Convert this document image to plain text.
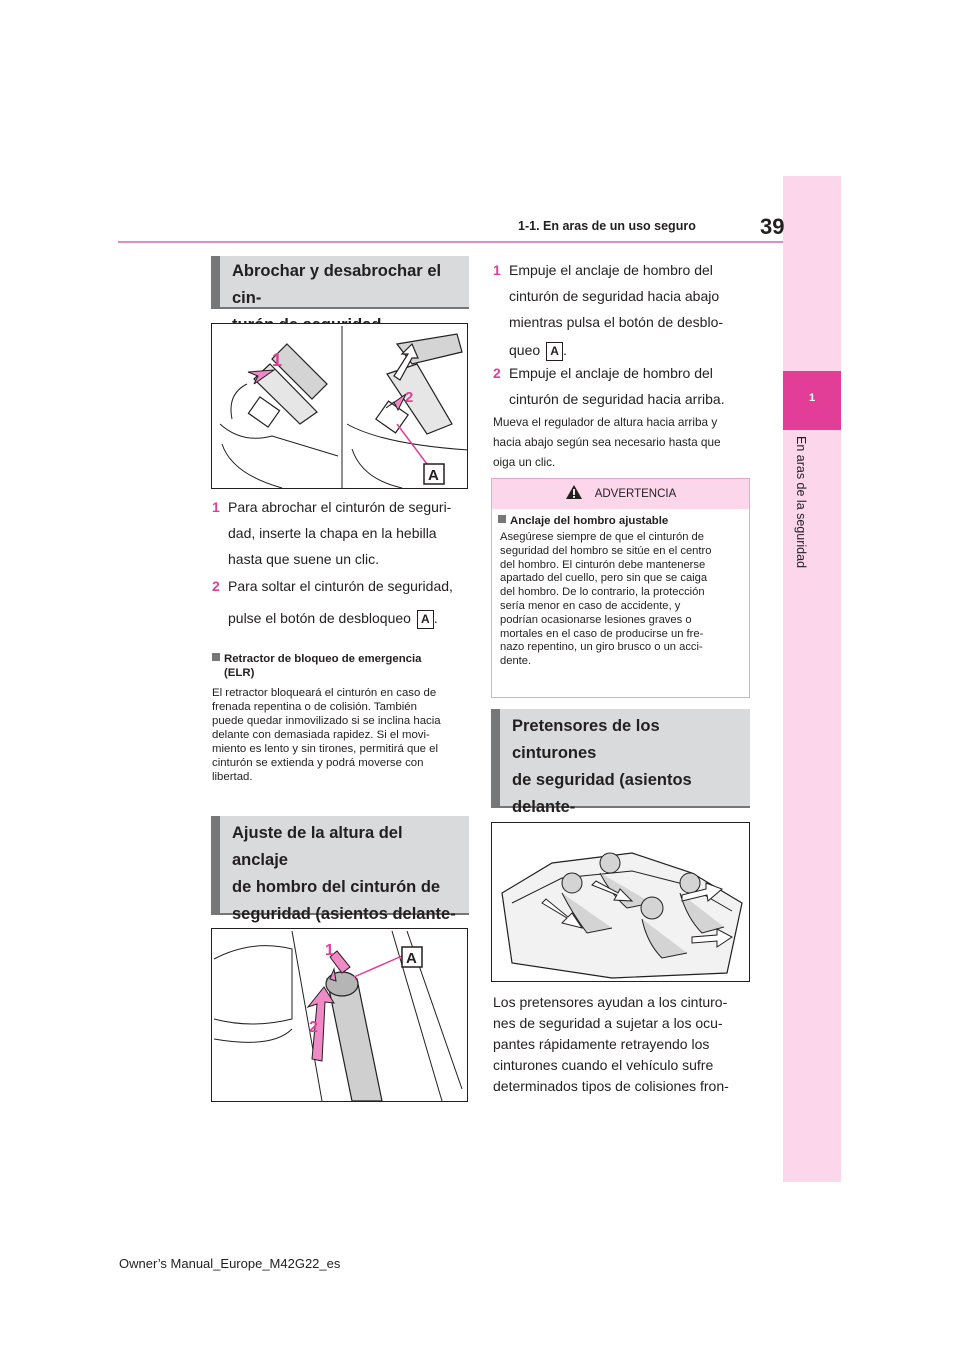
1
En aras de la seguridad
1-1. En aras de un uso seguro	39
Abrochar y desabrochar el cin-
1
2
A
1 Para abrochar el cinturón de seguri-
dad, inserte la chapa en la hebilla
hasta que suene un clic.
2 Para soltar el cinturón de seguridad,
pulse el botón de desbloqueo A .
Retractor de bloqueo de emergencia
(ELR)
El retractor bloqueará el cinturón en caso de
frenada repentina o de colisión. También
puede quedar inmovilizado si se inclina hacia
delante con demasiada rapidez. Si el movi-
miento es lento y sin tirones, permitirá que el
cinturón se extienda y podrá moverse con
libertad.
Ajuste de la altura del anclaje
de hombro del cinturón de
seguridad (asientos delante-
1
2
A
1 Empuje el anclaje de hombro del
cinturón de seguridad hacia abajo
mientras pulsa el botón de desblo-
queo A .
2 Empuje el anclaje de hombro del
cinturón de seguridad hacia arriba.
Mueva el regulador de altura hacia arriba y
hacia abajo según sea necesario hasta que
oiga un clic.
ADVERTENCIA
Anclaje del hombro ajustable
Asegúrese siempre de que el cinturón de
seguridad del hombro se sitúe en el centro
del hombro. El cinturón debe mantenerse
apartado del cuello, pero sin que se caiga
del hombro. De lo contrario, la protección
sería menor en caso de accidente, y
podrían ocasionarse lesiones graves o
mortales en el caso de producirse un fre-
nazo repentino, un giro brusco o un acci-
dente.
Pretensores de los cinturones
de seguridad (asientos delante-
Los pretensores ayudan a los cinturo-
nes de seguridad a sujetar a los ocu-
pantes rápidamente retrayendo los
cinturones cuando el vehículo sufre
determinados tipos de colisiones fron-
Owner’s Manual_Europe_M42G22_es
